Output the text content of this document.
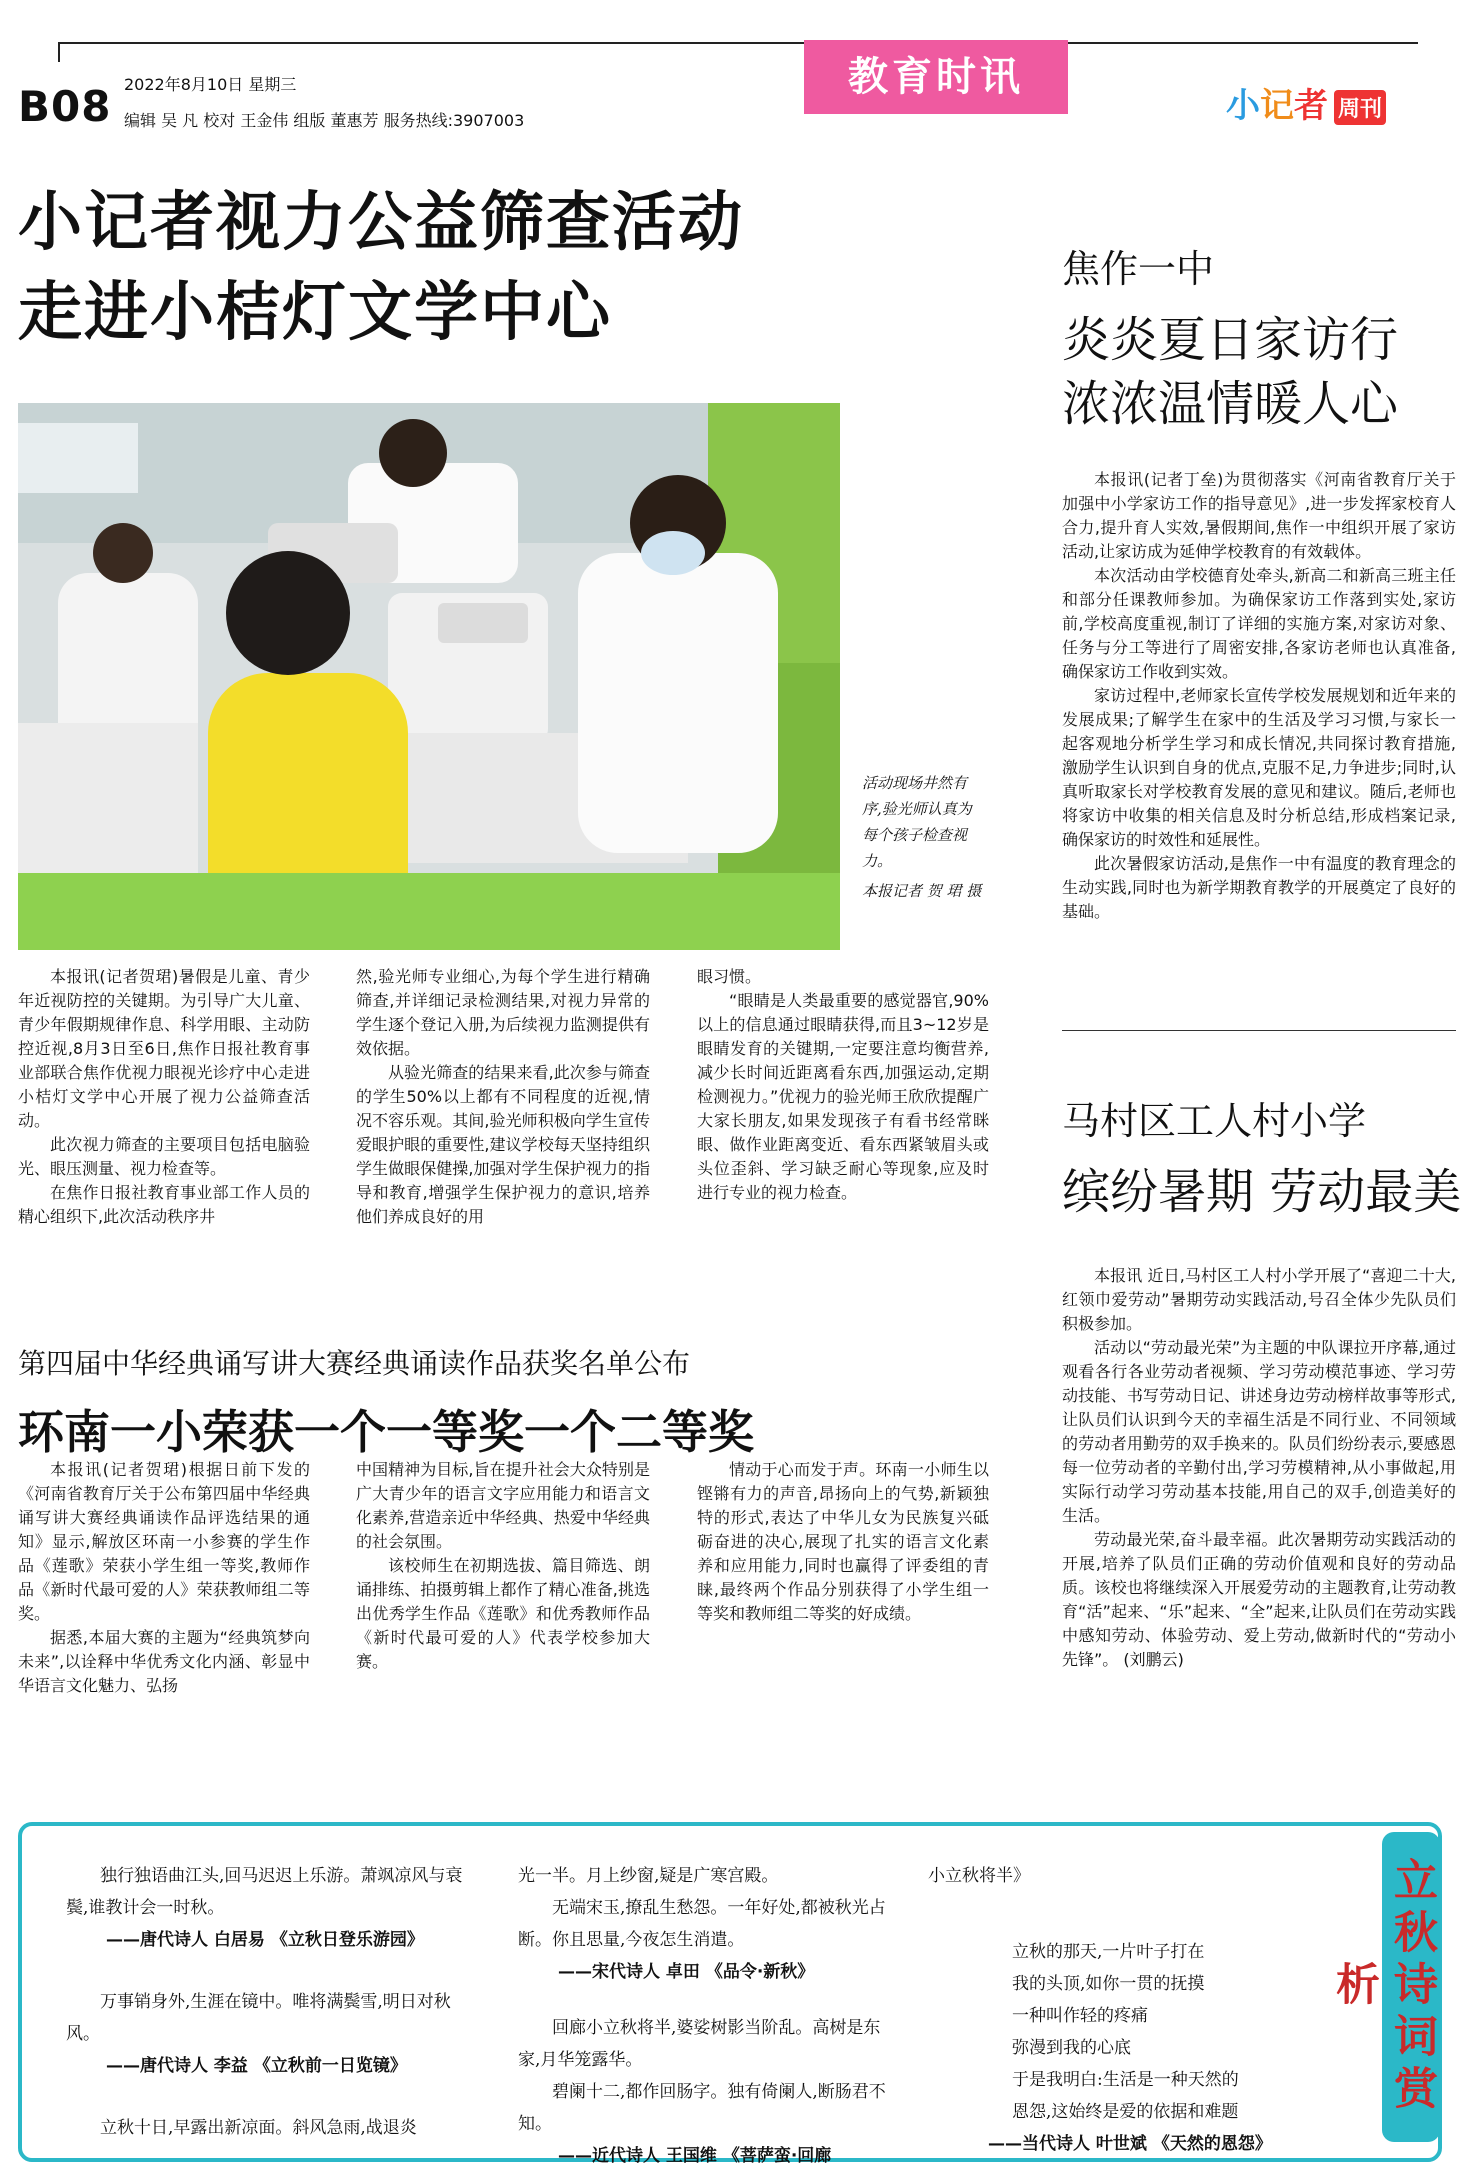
B08 2022年8月10日 星期三
编辑 吴 凡 校对 王金伟 组版 董惠芳 服务热线:3907003
教育时讯
小记者 周刊
小记者视力公益筛查活动
走进小桔灯文学中心
活动现场井然有序,验光师认真为每个孩子检查视力。
本报记者 贺 珺 摄

本报讯(记者贺珺)暑假是儿童、青少年近视防控的关键期。为引导广大儿童、青少年假期规律作息、科学用眼、主动防控近视,8月3日至6日,焦作日报社教育事业部联合焦作优视力眼视光诊疗中心走进小桔灯文学中心开展了视力公益筛查活动。

此次视力筛查的主要项目包括电脑验光、眼压测量、视力检查等。

在焦作日报社教育事业部工作人员的精心组织下,此次活动秩序井

然,验光师专业细心,为每个学生进行精确筛查,并详细记录检测结果,对视力异常的学生逐个登记入册,为后续视力监测提供有效依据。

从验光筛查的结果来看,此次参与筛查的学生50%以上都有不同程度的近视,情况不容乐观。其间,验光师积极向学生宣传爱眼护眼的重要性,建议学校每天坚持组织学生做眼保健操,加强对学生保护视力的指导和教育,增强学生保护视力的意识,培养他们养成良好的用

眼习惯。

“眼睛是人类最重要的感觉器官,90%以上的信息通过眼睛获得,而且3~12岁是眼睛发育的关键期,一定要注意均衡营养,减少长时间近距离看东西,加强运动,定期检测视力。”优视力的验光师王欣欣提醒广大家长朋友,如果发现孩子有看书经常眯眼、做作业距离变近、看东西紧皱眉头或头位歪斜、学习缺乏耐心等现象,应及时进行专业的视力检查。

第四届中华经典诵写讲大赛经典诵读作品获奖名单公布
环南一小荣获一个一等奖一个二等奖

本报讯(记者贺珺)根据日前下发的《河南省教育厅关于公布第四届中华经典诵写讲大赛经典诵读作品评选结果的通知》显示,解放区环南一小参赛的学生作品《莲歌》荣获小学生组一等奖,教师作品《新时代最可爱的人》荣获教师组二等奖。

据悉,本届大赛的主题为“经典筑梦向未来”,以诠释中华优秀文化内涵、彰显中华语言文化魅力、弘扬

中国精神为目标,旨在提升社会大众特别是广大青少年的语言文字应用能力和语言文化素养,营造亲近中华经典、热爱中华经典的社会氛围。

该校师生在初期选拔、篇目筛选、朗诵排练、拍摄剪辑上都作了精心准备,挑选出优秀学生作品《莲歌》和优秀教师作品《新时代最可爱的人》代表学校参加大赛。

情动于心而发于声。环南一小师生以铿锵有力的声音,昂扬向上的气势,新颖独特的形式,表达了中华儿女为民族复兴砥砺奋进的决心,展现了扎实的语言文化素养和应用能力,同时也赢得了评委组的青睐,最终两个作品分别获得了小学生组一等奖和教师组二等奖的好成绩。

焦作一中
炎炎夏日家访行
浓浓温情暖人心

本报讯(记者丁垒)为贯彻落实《河南省教育厅关于加强中小学家访工作的指导意见》,进一步发挥家校育人合力,提升育人实效,暑假期间,焦作一中组织开展了家访活动,让家访成为延伸学校教育的有效载体。

本次活动由学校德育处牵头,新高二和新高三班主任和部分任课教师参加。为确保家访工作落到实处,家访前,学校高度重视,制订了详细的实施方案,对家访对象、任务与分工等进行了周密安排,各家访老师也认真准备,确保家访工作收到实效。

家访过程中,老师家长宣传学校发展规划和近年来的发展成果;了解学生在家中的生活及学习习惯,与家长一起客观地分析学生学习和成长情况,共同探讨教育措施,激励学生认识到自身的优点,克服不足,力争进步;同时,认真听取家长对学校教育发展的意见和建议。随后,老师也将家访中收集的相关信息及时分析总结,形成档案记录,确保家访的时效性和延展性。

此次暑假家访活动,是焦作一中有温度的教育理念的生动实践,同时也为新学期教育教学的开展奠定了良好的基础。

马村区工人村小学
缤纷暑期 劳动最美

本报讯 近日,马村区工人村小学开展了“喜迎二十大,红领巾爱劳动”暑期劳动实践活动,号召全体少先队员们积极参加。

活动以“劳动最光荣”为主题的中队课拉开序幕,通过观看各行各业劳动者视频、学习劳动模范事迹、学习劳动技能、书写劳动日记、讲述身边劳动榜样故事等形式,让队员们认识到今天的幸福生活是不同行业、不同领域的劳动者用勤劳的双手换来的。队员们纷纷表示,要感恩每一位劳动者的辛勤付出,学习劳模精神,从小事做起,用实际行动学习劳动基本技能,用自己的双手,创造美好的生活。

劳动最光荣,奋斗最幸福。此次暑期劳动实践活动的开展,培养了队员们正确的劳动价值观和良好的劳动品质。该校也将继续深入开展爱劳动的主题教育,让劳动教育“活”起来、“乐”起来、“全”起来,让队员们在劳动实践中感知劳动、体验劳动、爱上劳动,做新时代的“劳动小先锋”。 (刘鹏云)

立秋诗词赏析

独行独语曲江头,回马迟迟上乐游。萧飒凉风与衰鬓,谁教计会一时秋。

——唐代诗人 白居易 《立秋日登乐游园》

万事销身外,生涯在镜中。唯将满鬓雪,明日对秋风。

——唐代诗人 李益 《立秋前一日览镜》

立秋十日,早露出新凉面。斜风急雨,战退炎

光一半。月上纱窗,疑是广寒宫殿。

无端宋玉,撩乱生愁怨。一年好处,都被秋光占断。你且思量,今夜怎生消遣。

——宋代诗人 卓田 《品令·新秋》

回廊小立秋将半,婆娑树影当阶乱。高树是东家,月华笼露华。

碧阑十二,都作回肠字。独有倚阑人,断肠君不知。

——近代诗人 王国维 《菩萨蛮·回廊

小立秋将半》

立秋的那天,一片叶子打在
我的头顶,如你一贯的抚摸
一种叫作轻的疼痛
弥漫到我的心底
于是我明白:生活是一种天然的
恩怨,这始终是爱的依据和难题

——当代诗人 叶世斌 《天然的恩怨》
